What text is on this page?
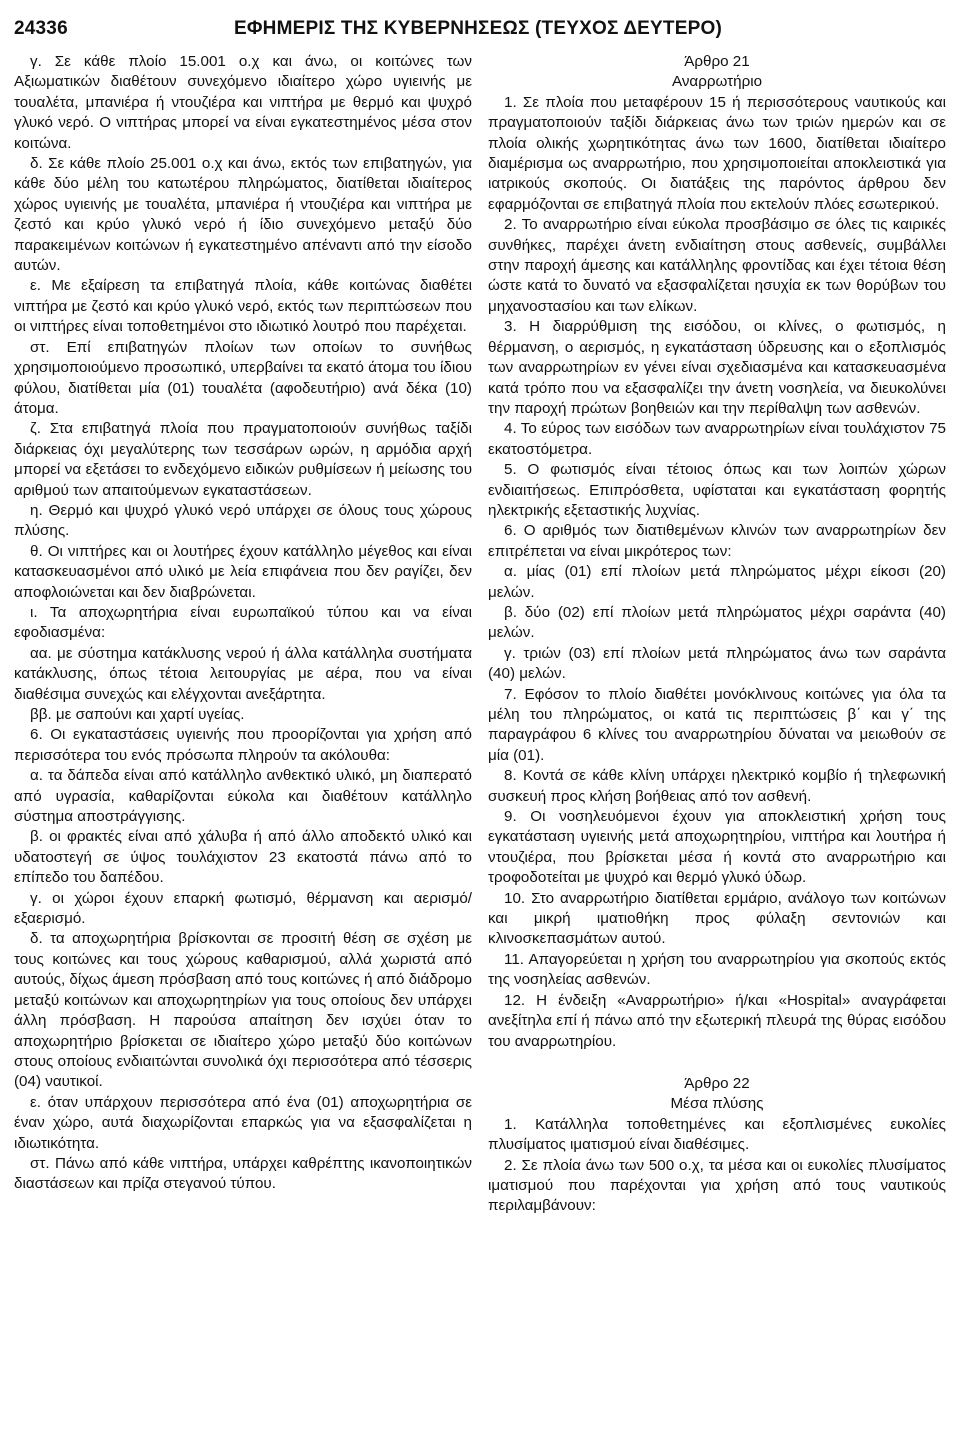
24336	ΕΦΗΜΕΡΙΣ ΤΗΣ ΚΥΒΕΡΝΗΣΕΩΣ (ΤΕΥΧΟΣ ΔΕΥΤΕΡΟ)

γ. Σε κάθε πλοίο 15.001 ο.χ και άνω, οι κοιτώνες των Αξιωματικών διαθέτουν συνεχόμενο ιδιαίτερο χώρο υγιεινής με τουαλέτα, μπανιέρα ή ντουζιέρα και νιπτήρα με θερμό και ψυχρό γλυκό νερό. Ο νιπτήρας μπορεί να είναι εγκατεστημένος μέσα στον κοιτώνα.

δ. Σε κάθε πλοίο 25.001 ο.χ και άνω, εκτός των επιβατηγών, για κάθε δύο μέλη του κατωτέρου πληρώματος, διατίθεται ιδιαίτερος χώρος υγιεινής με τουαλέτα, μπανιέρα ή ντουζιέρα και νιπτήρα με ζεστό και κρύο γλυκό νερό ή ίδιο συνεχόμενο μεταξύ δύο παρακειμένων κοιτώνων ή εγκατεστημένο απέναντι από την είσοδο αυτών.

ε. Με εξαίρεση τα επιβατηγά πλοία, κάθε κοιτώνας διαθέτει νιπτήρα με ζεστό και κρύο γλυκό νερό, εκτός των περιπτώσεων που οι νιπτήρες είναι τοποθετημένοι στο ιδιωτικό λουτρό που παρέχεται.

στ. Επί επιβατηγών πλοίων των οποίων το συνήθως χρησιμοποιούμενο προσωπικό, υπερβαίνει τα εκατό άτομα του ίδιου φύλου, διατίθεται μία (01) τουαλέτα (αφοδευτήριο) ανά δέκα (10) άτομα.

ζ. Στα επιβατηγά πλοία που πραγματοποιούν συνήθως ταξίδι διάρκειας όχι μεγαλύτερης των τεσσάρων ωρών, η αρμόδια αρχή μπορεί να εξετάσει το ενδεχόμενο ειδικών ρυθμίσεων ή μείωσης του αριθμού των απαιτούμενων εγκαταστάσεων.

η. Θερμό και ψυχρό γλυκό νερό υπάρχει σε όλους τους χώρους πλύσης.

θ. Οι νιπτήρες και οι λουτήρες έχουν κατάλληλο μέγεθος και είναι κατασκευασμένοι από υλικό με λεία επιφάνεια που δεν ραγίζει, δεν αποφλοιώνεται και δεν διαβρώνεται.

ι. Τα αποχωρητήρια είναι ευρωπαϊκού τύπου και να είναι εφοδιασμένα:

αα. με σύστημα κατάκλυσης νερού ή άλλα κατάλληλα συστήματα κατάκλυσης, όπως τέτοια λειτουργίας με αέρα, που να είναι διαθέσιμα συνεχώς και ελέγχονται ανεξάρτητα.

ββ. με σαπούνι και χαρτί υγείας.

6. Οι εγκαταστάσεις υγιεινής που προορίζονται για χρήση από περισσότερα του ενός πρόσωπα πληρούν τα ακόλουθα:

α. τα δάπεδα είναι από κατάλληλο ανθεκτικό υλικό, μη διαπερατό από υγρασία, καθαρίζονται εύκολα και διαθέτουν κατάλληλο σύστημα αποστράγγισης.

β. οι φρακτές είναι από χάλυβα ή από άλλο αποδεκτό υλικό και υδατοστεγή σε ύψος τουλάχιστον 23 εκατοστά πάνω από το επίπεδο του δαπέδου.

γ. οι χώροι έχουν επαρκή φωτισμό, θέρμανση και αερισμό/εξαερισμό.

δ. τα αποχωρητήρια βρίσκονται σε προσιτή θέση σε σχέση με τους κοιτώνες και τους χώρους καθαρισμού, αλλά χωριστά από αυτούς, δίχως άμεση πρόσβαση από τους κοιτώνες ή από διάδρομο μεταξύ κοιτώνων και αποχωρητηρίων για τους οποίους δεν υπάρχει άλλη πρόσβαση. Η παρούσα απαίτηση δεν ισχύει όταν το αποχωρητήριο βρίσκεται σε ιδιαίτερο χώρο μεταξύ δύο κοιτώνων στους οποίους ενδιαιτώνται συνολικά όχι περισσότερα από τέσσερις (04) ναυτικοί.

ε. όταν υπάρχουν περισσότερα από ένα (01) αποχωρητήρια σε έναν χώρο, αυτά διαχωρίζονται επαρκώς για να εξασφαλίζεται η ιδιωτικότητα.

στ. Πάνω από κάθε νιπτήρα, υπάρχει καθρέπτης ικανοποιητικών διαστάσεων και πρίζα στεγανού τύπου.

Άρθρο 21

Αναρρωτήριο

1. Σε πλοία που μεταφέρουν 15 ή περισσότερους ναυτικούς και πραγματοποιούν ταξίδι διάρκειας άνω των τριών ημερών και σε πλοία ολικής χωρητικότητας άνω των 1600, διατίθεται ιδιαίτερο διαμέρισμα ως αναρρωτήριο, που χρησιμοποιείται αποκλειστικά για ιατρικούς σκοπούς. Οι διατάξεις της παρόντος άρθρου δεν εφαρμόζονται σε επιβατηγά πλοία που εκτελούν πλόες εσωτερικού.

2. Το αναρρωτήριο είναι εύκολα προσβάσιμο σε όλες τις καιρικές συνθήκες, παρέχει άνετη ενδιαίτηση στους ασθενείς, συμβάλλει στην παροχή άμεσης και κατάλληλης φροντίδας και έχει τέτοια θέση ώστε κατά το δυνατό να εξασφαλίζεται ησυχία εκ των θορύβων του μηχανοστασίου και των ελίκων.

3. Η διαρρύθμιση της εισόδου, οι κλίνες, ο φωτισμός, η θέρμανση, ο αερισμός, η εγκατάσταση ύδρευσης και ο εξοπλισμός των αναρρωτηρίων εν γένει είναι σχεδιασμένα και κατασκευασμένα κατά τρόπο που να εξασφαλίζει την άνετη νοσηλεία, να διευκολύνει την παροχή πρώτων βοηθειών και την περίθαλψη των ασθενών.

4. Το εύρος των εισόδων των αναρρωτηρίων είναι τουλάχιστον 75 εκατοστόμετρα.

5. Ο φωτισμός είναι τέτοιος όπως και των λοιπών χώρων ενδιαιτήσεως. Επιπρόσθετα, υφίσταται και εγκατάσταση φορητής ηλεκτρικής εξεταστικής λυχνίας.

6. Ο αριθμός των διατιθεμένων κλινών των αναρρωτηρίων δεν επιτρέπεται να είναι μικρότερος των:

α. μίας (01) επί πλοίων μετά πληρώματος μέχρι είκοσι (20) μελών.

β. δύο (02) επί πλοίων μετά πληρώματος μέχρι σαράντα (40) μελών.

γ. τριών (03) επί πλοίων μετά πληρώματος άνω των σαράντα (40) μελών.

7. Εφόσον το πλοίο διαθέτει μονόκλινους κοιτώνες για όλα τα μέλη του πληρώματος, οι κατά τις περιπτώσεις β΄ και γ΄ της παραγράφου 6 κλίνες του αναρρωτηρίου δύναται να μειωθούν σε μία (01).

8. Κοντά σε κάθε κλίνη υπάρχει ηλεκτρικό κομβίο ή τηλεφωνική συσκευή προς κλήση βοήθειας από τον ασθενή.

9. Οι νοσηλευόμενοι έχουν για αποκλειστική χρήση τους εγκατάσταση υγιεινής μετά αποχωρητηρίου, νιπτήρα και λουτήρα ή ντουζιέρα, που βρίσκεται μέσα ή κοντά στο αναρρωτήριο και τροφοδοτείται με ψυχρό και θερμό γλυκό ύδωρ.

10. Στο αναρρωτήριο διατίθεται ερμάριο, ανάλογο των κοιτώνων και μικρή ιματιοθήκη προς φύλαξη σεντονιών και κλινοσκεπασμάτων αυτού.

11. Απαγορεύεται η χρήση του αναρρωτηρίου για σκοπούς εκτός της νοσηλείας ασθενών.

12. Η ένδειξη «Αναρρωτήριο» ή/και «Hospital» αναγράφεται ανεξίτηλα επί ή πάνω από την εξωτερική πλευρά της θύρας εισόδου του αναρρωτηρίου.

Άρθρο 22

Μέσα πλύσης

1. Κατάλληλα τοποθετημένες και εξοπλισμένες ευκολίες πλυσίματος ιματισμού είναι διαθέσιμες.

2. Σε πλοία άνω των 500 ο.χ, τα μέσα και οι ευκολίες πλυσίματος ιματισμού που παρέχονται για χρήση από τους ναυτικούς περιλαμβάνουν:
